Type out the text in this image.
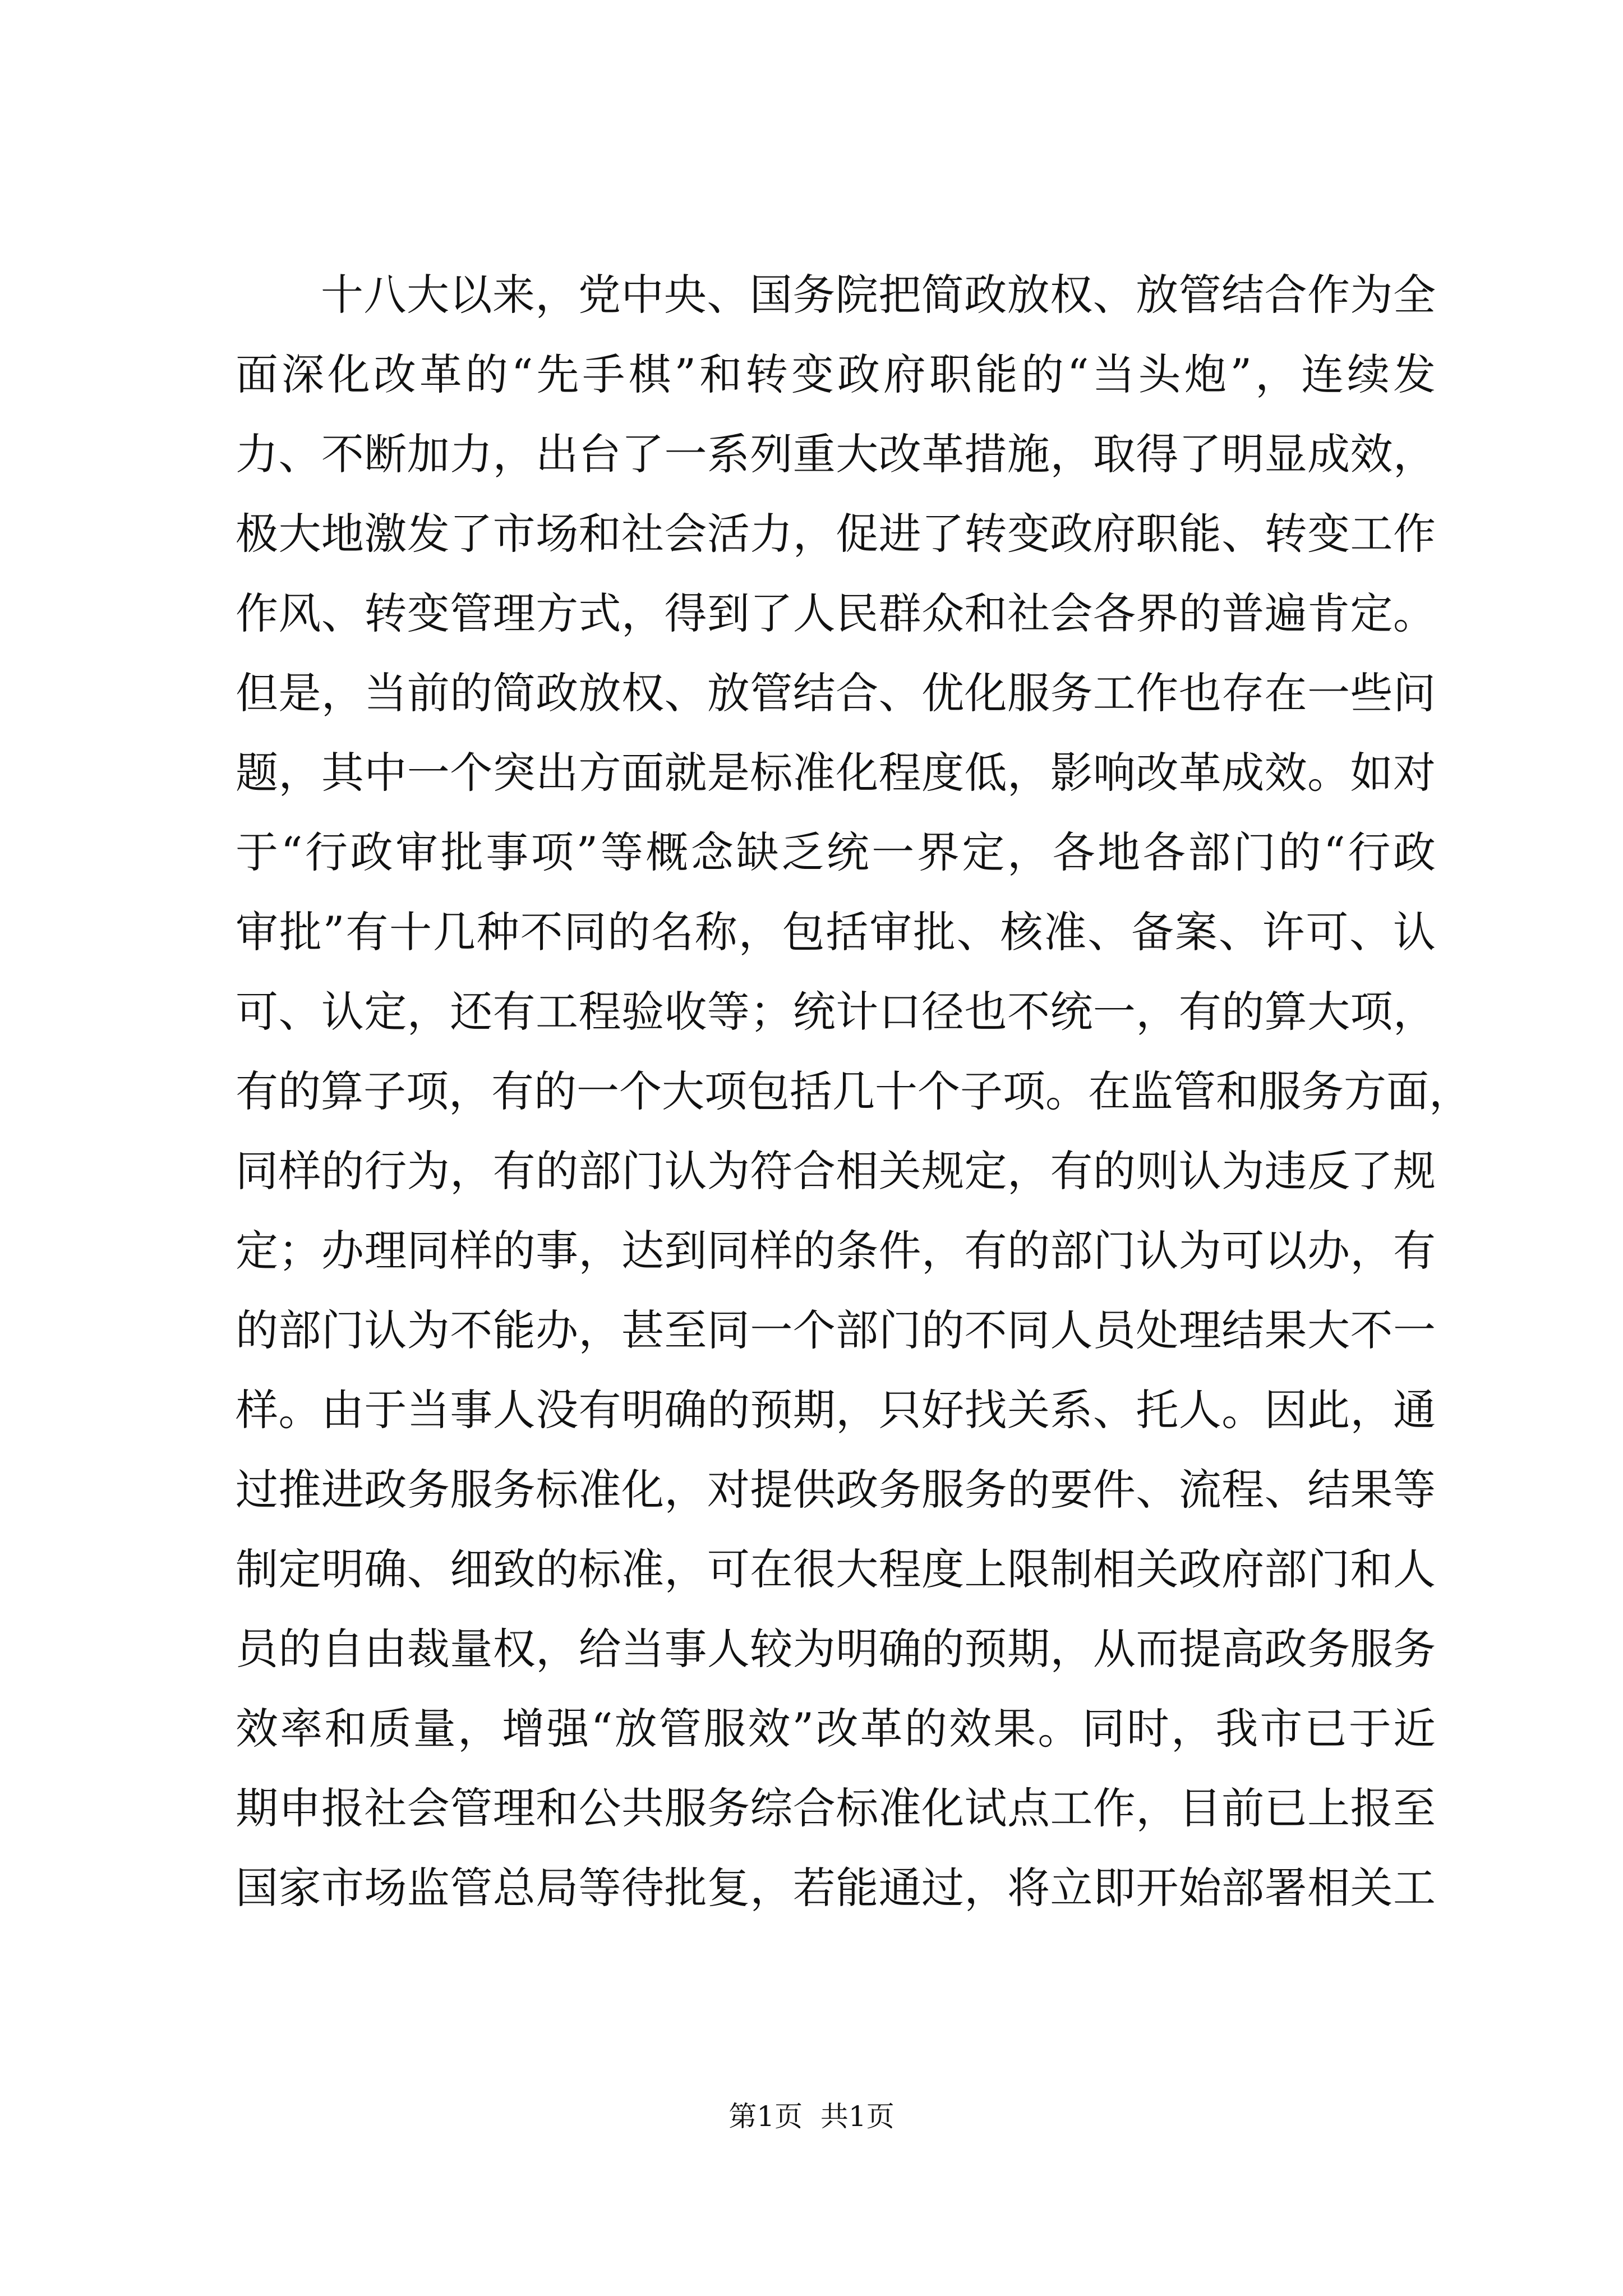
十八大以来，党中央、国务院把简政放权、放管结合作为全
面深化改革的“先手棋”和转变政府职能的“当头炮”，连续发
力、不断加力，出台了一系列重大改革措施，取得了明显成效，
极大地激发了市场和社会活力，促进了转变政府职能、转变工作
作风、转变管理方式，得到了人民群众和社会各界的普遍肯定。
但是，当前的简政放权、放管结合、优化服务工作也存在一些问
题，其中一个突出方面就是标准化程度低，影响改革成效。如对
于“行政审批事项”等概念缺乏统一界定，各地各部门的“行政
审批”有十几种不同的名称，包括审批、核准、备案、许可、认
可、认定，还有工程验收等；统计口径也不统一，有的算大项，
有的算子项，有的一个大项包括几十个子项。在监管和服务方面，
同样的行为，有的部门认为符合相关规定，有的则认为违反了规
定；办理同样的事，达到同样的条件，有的部门认为可以办，有
的部门认为不能办，甚至同一个部门的不同人员处理结果大不一
样。由于当事人没有明确的预期，只好找关系、托人。因此，通
过推进政务服务标准化，对提供政务服务的要件、流程、结果等
制定明确、细致的标准，可在很大程度上限制相关政府部门和人
员的自由裁量权，给当事人较为明确的预期，从而提高政务服务
效率和质量，增强“放管服效”改革的效果。同时，我市已于近
期申报社会管理和公共服务综合标准化试点工作，目前已上报至
国家市场监管总局等待批复，若能通过，将立即开始部署相关工
第1页  共1页
